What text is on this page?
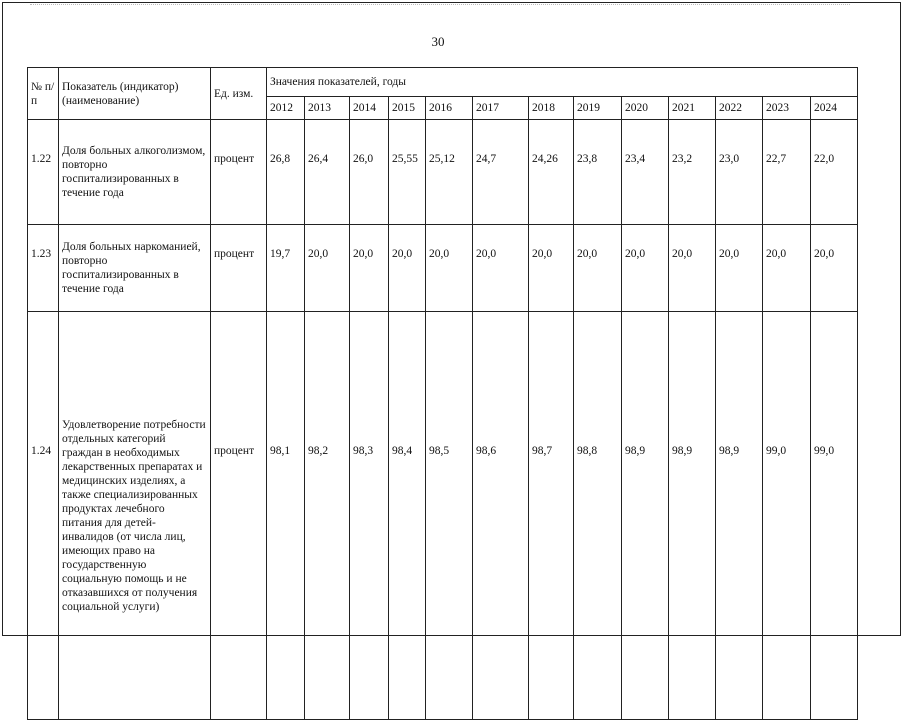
30
№ п/п	Показатель (индикатор) (наименование)	Ед. изм.	Значения показателей, годы												
			2012	2013	2014	2015	2016	2017	2018	2019	2020	2021	2022	2023	2024
1.22	Доля больных алкоголизмом, повторно госпитализированных в течение года	процент	26,8	26,4	26,0	25,55	25,12	24,7	24,26	23,8	23,4	23,2	23,0	22,7	22,0
1.23	Доля больных наркоманией, повторно госпитализированных в течение года	процент	19,7	20,0	20,0	20,0	20,0	20,0	20,0	20,0	20,0	20,0	20,0	20,0	20,0
1.24	Удовлетворение потребности отдельных категорий граждан в необходимых лекарственных препаратах и медицинских изделиях, а также специализированных продуктах лечебного питания для детей-инвалидов (от числа лиц, имеющих право на государственную социальную помощь и не отказавшихся от получения социальной услуги)	процент	98,1	98,2	98,3	98,4	98,5	98,6	98,7	98,8	98,9	98,9	98,9	99,0	99,0
